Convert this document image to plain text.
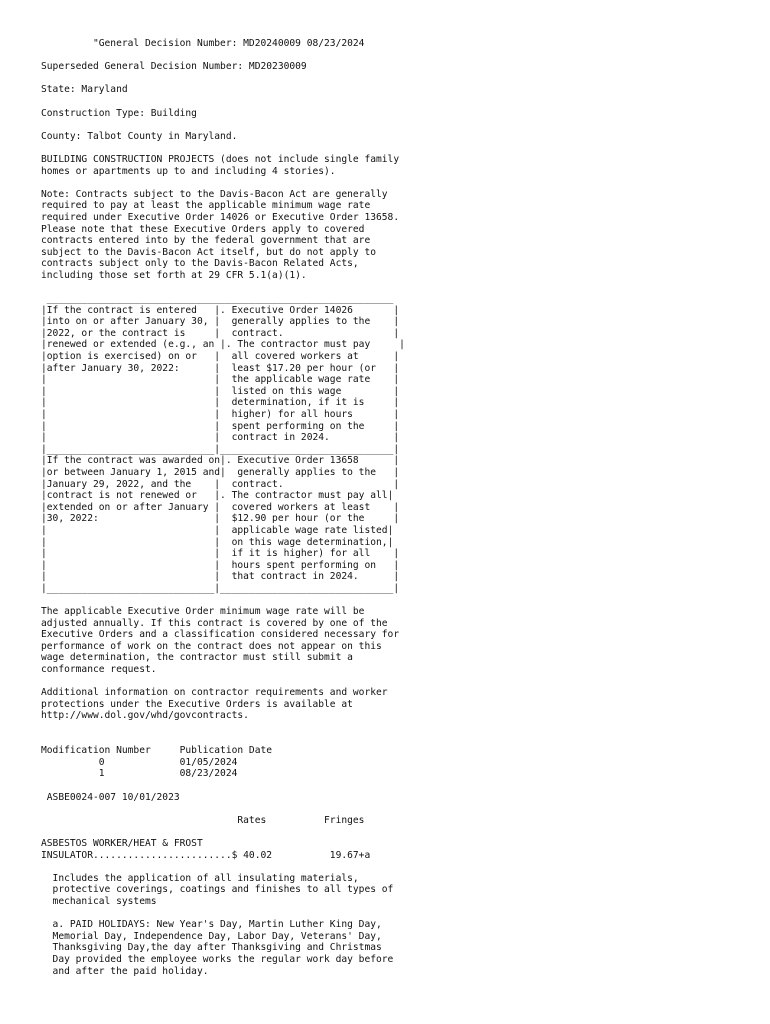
"General Decision Number: MD20240009 08/23/2024

Superseded General Decision Number: MD20230009

State: Maryland

Construction Type: Building

County: Talbot County in Maryland.

BUILDING CONSTRUCTION PROJECTS (does not include single family
homes or apartments up to and including 4 stories).

Note: Contracts subject to the Davis-Bacon Act are generally
required to pay at least the applicable minimum wage rate
required under Executive Order 14026 or Executive Order 13658.
Please note that these Executive Orders apply to covered
contracts entered into by the federal government that are
subject to the Davis-Bacon Act itself, but do not apply to
contracts subject only to the Davis-Bacon Related Acts,
including those set forth at 29 CFR 5.1(a)(1).

____________________________________________________________
|If the contract is entered   |. Executive Order 14026       |
|into on or after January 30, |  generally applies to the    |
|2022, or the contract is     |  contract.                   |
|renewed or extended (e.g., an |. The contractor must pay     |
|option is exercised) on or   |  all covered workers at      |
|after January 30, 2022:      |  least $17.20 per hour (or   |
|                             |  the applicable wage rate    |
|                             |  listed on this wage         |
|                             |  determination, if it is     |
|                             |  higher) for all hours       |
|                             |  spent performing on the     |
|                             |  contract in 2024.           |
|_____________________________|______________________________|
|If the contract was awarded on|. Executive Order 13658      |
|or between January 1, 2015 and|  generally applies to the   |
|January 29, 2022, and the    |  contract.                   |
|contract is not renewed or   |. The contractor must pay all|
|extended on or after January |  covered workers at least    |
|30, 2022:                    |  $12.90 per hour (or the     |
|                             |  applicable wage rate listed|
|                             |  on this wage determination,|
|                             |  if it is higher) for all    |
|                             |  hours spent performing on   |
|                             |  that contract in 2024.      |
|_____________________________|______________________________|

The applicable Executive Order minimum wage rate will be
adjusted annually. If this contract is covered by one of the
Executive Orders and a classification considered necessary for
performance of work on the contract does not appear on this
wage determination, the contractor must still submit a
conformance request.

Additional information on contractor requirements and worker
protections under the Executive Orders is available at
http://www.dol.gov/whd/govcontracts.

Modification Number     Publication Date
0             01/05/2024
1             08/23/2024

ASBE0024-007 10/01/2023

Rates          Fringes

ASBESTOS WORKER/HEAT & FROST
INSULATOR........................$ 40.02          19.67+a

Includes the application of all insulating materials,
protective coverings, coatings and finishes to all types of
mechanical systems

a. PAID HOLIDAYS: New Year's Day, Martin Luther King Day,
Memorial Day, Independence Day, Labor Day, Veterans' Day,
Thanksgiving Day,the day after Thanksgiving and Christmas
Day provided the employee works the regular work day before
and after the paid holiday.
